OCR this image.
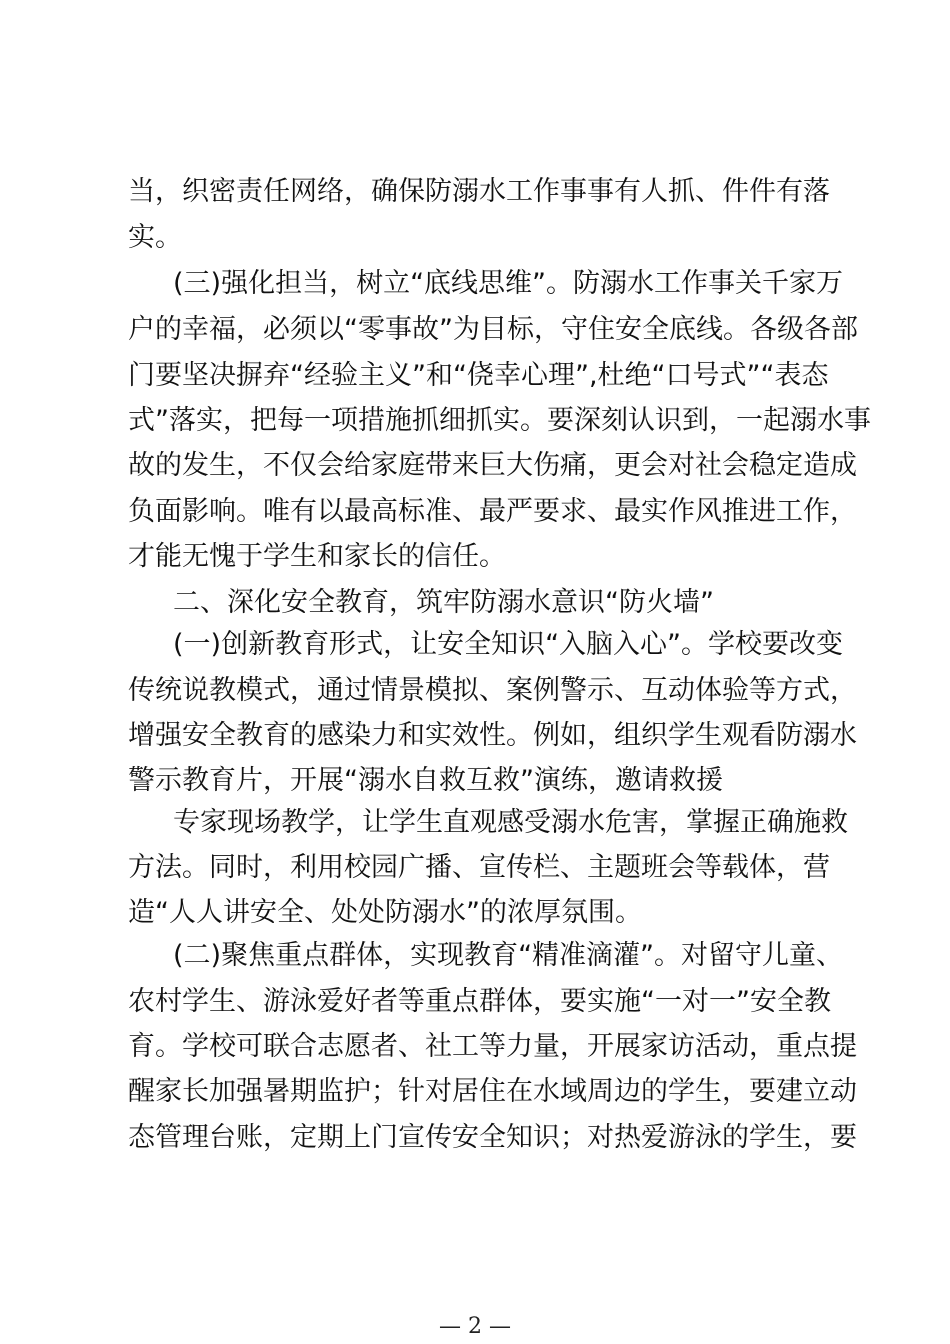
当，织密责任网络，确保防溺水工作事事有人抓、件件有落
实。
(三)强化担当，树立“底线思维”。防溺水工作事关千家万
户的幸福，必须以“零事故”为目标，守住安全底线。各级各部
门要坚决摒弃“经验主义”和“侥幸心理”,杜绝“口号式”“表态
式”落实，把每一项措施抓细抓实。要深刻认识到，一起溺水事
故的发生，不仅会给家庭带来巨大伤痛，更会对社会稳定造成
负面影响。唯有以最高标准、最严要求、最实作风推进工作，
才能无愧于学生和家长的信任。
二、深化安全教育，筑牢防溺水意识“防火墙”
(一)创新教育形式，让安全知识“入脑入心”。学校要改变
传统说教模式，通过情景模拟、案例警示、互动体验等方式，
增强安全教育的感染力和实效性。例如，组织学生观看防溺水
警示教育片，开展“溺水自救互救”演练，邀请救援
专家现场教学，让学生直观感受溺水危害，掌握正确施救
方法。同时，利用校园广播、宣传栏、主题班会等载体，营
造“人人讲安全、处处防溺水”的浓厚氛围。
(二)聚焦重点群体，实现教育“精准滴灌”。对留守儿童、
农村学生、游泳爱好者等重点群体，要实施“一对一”安全教
育。学校可联合志愿者、社工等力量，开展家访活动，重点提
醒家长加强暑期监护；针对居住在水域周边的学生，要建立动
态管理台账，定期上门宣传安全知识；对热爱游泳的学生，要
— 2 —
